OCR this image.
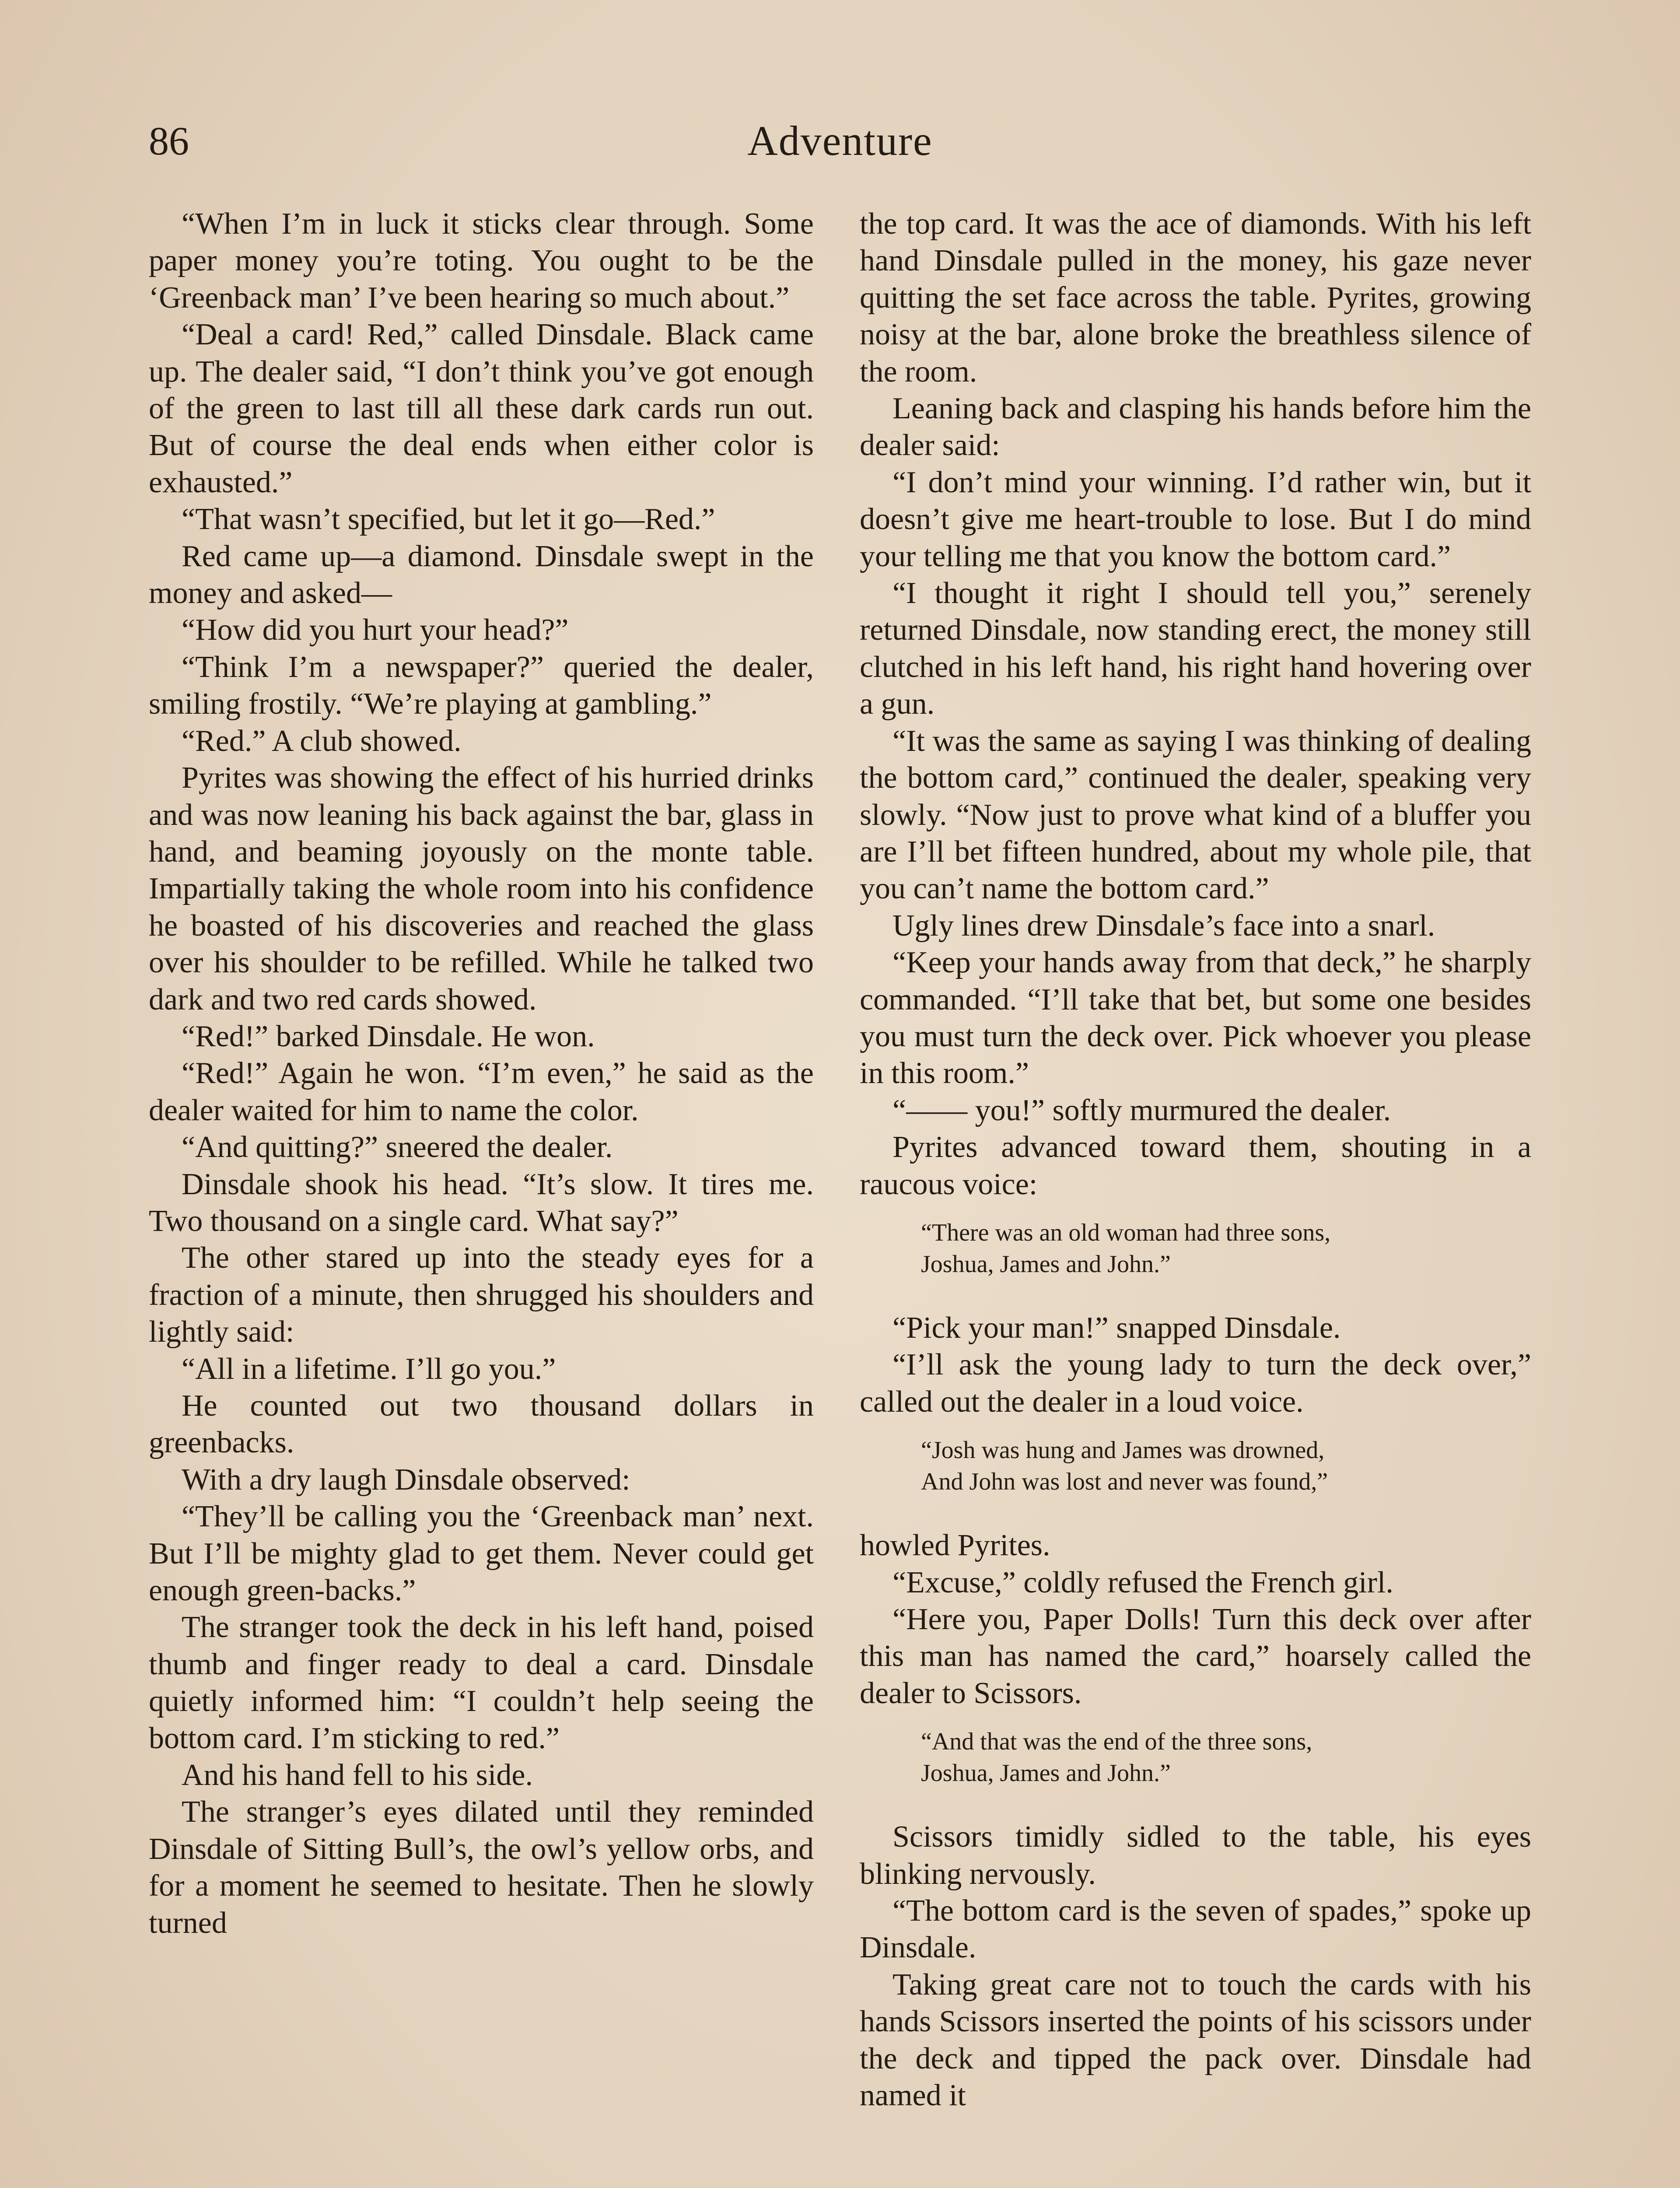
86	Adventure

“When I’m in luck it sticks clear through. Some paper money you’re toting. You ought to be the ‘Greenback man’ I’ve been hearing so much about.”

“Deal a card! Red,” called Dinsdale. Black came up. The dealer said, “I don’t think you’ve got enough of the green to last till all these dark cards run out. But of course the deal ends when either color is exhausted.”

“That wasn’t specified, but let it go—Red.”

Red came up—a diamond. Dinsdale swept in the money and asked—

“How did you hurt your head?”

“Think I’m a newspaper?” queried the dealer, smiling frostily. “We’re playing at gambling.”

“Red.” A club showed.

Pyrites was showing the effect of his hurried drinks and was now leaning his back against the bar, glass in hand, and beaming joyously on the monte table. Impartially taking the whole room into his confidence he boasted of his discoveries and reached the glass over his shoulder to be refilled. While he talked two dark and two red cards showed.

“Red!” barked Dinsdale. He won.

“Red!” Again he won. “I’m even,” he said as the dealer waited for him to name the color.

“And quitting?” sneered the dealer.

Dinsdale shook his head. “It’s slow. It tires me. Two thousand on a single card. What say?”

The other stared up into the steady eyes for a fraction of a minute, then shrugged his shoulders and lightly said:

“All in a lifetime. I’ll go you.”

He counted out two thousand dollars in greenbacks.

With a dry laugh Dinsdale observed:

“They’ll be calling you the ‘Greenback man’ next. But I’ll be mighty glad to get them. Never could get enough green-backs.”

The stranger took the deck in his left hand, poised thumb and finger ready to deal a card. Dinsdale quietly informed him: “I couldn’t help seeing the bottom card. I’m sticking to red.”

And his hand fell to his side.

The stranger’s eyes dilated until they reminded Dinsdale of Sitting Bull’s, the owl’s yellow orbs, and for a moment he seemed to hesitate. Then he slowly turned

the top card. It was the ace of diamonds. With his left hand Dinsdale pulled in the money, his gaze never quitting the set face across the table. Pyrites, growing noisy at the bar, alone broke the breathless silence of the room.

Leaning back and clasping his hands before him the dealer said:

“I don’t mind your winning. I’d rather win, but it doesn’t give me heart-trouble to lose. But I do mind your telling me that you know the bottom card.”

“I thought it right I should tell you,” serenely returned Dinsdale, now standing erect, the money still clutched in his left hand, his right hand hovering over a gun.

“It was the same as saying I was thinking of dealing the bottom card,” continued the dealer, speaking very slowly. “Now just to prove what kind of a bluffer you are I’ll bet fifteen hundred, about my whole pile, that you can’t name the bottom card.”

Ugly lines drew Dinsdale’s face into a snarl.

“Keep your hands away from that deck,” he sharply commanded. “I’ll take that bet, but some one besides you must turn the deck over. Pick whoever you please in this room.”

“—— you!” softly murmured the dealer.

Pyrites advanced toward them, shouting in a raucous voice:

“There was an old woman had three sons,
Joshua, James and John.”

“Pick your man!” snapped Dinsdale.

“I’ll ask the young lady to turn the deck over,” called out the dealer in a loud voice.

“Josh was hung and James was drowned,
And John was lost and never was found,”

howled Pyrites.

“Excuse,” coldly refused the French girl.

“Here you, Paper Dolls! Turn this deck over after this man has named the card,” hoarsely called the dealer to Scissors.

“And that was the end of the three sons,
Joshua, James and John.”

Scissors timidly sidled to the table, his eyes blinking nervously.

“The bottom card is the seven of spades,” spoke up Dinsdale.

Taking great care not to touch the cards with his hands Scissors inserted the points of his scissors under the deck and tipped the pack over. Dinsdale had named it
